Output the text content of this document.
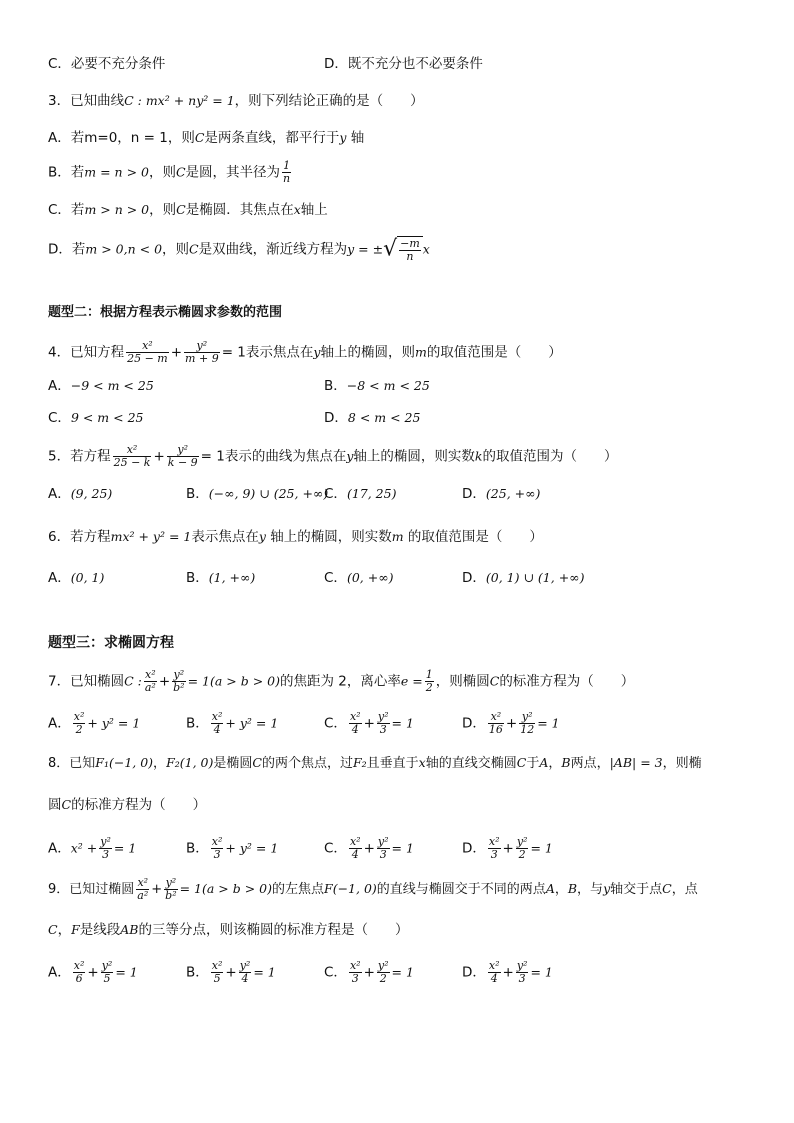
C．必要不充分条件	D．既不充分也不必要条件
3．已知曲线C : mx² + ny² = 1，则下列结论正确的是（　　）
A．若m=0，n = 1，则C是两条直线，都平行于y 轴
B．若m = n > 0，则C是圆，其半径为 $\frac{1}{n}$
C．若m > n > 0，则C是椭圆．其焦点在x轴上
D．若m > 0,n < 0，则C是双曲线，渐近线方程为y = ±√ $\frac{-m}{n}$ x
题型二：根据方程表示椭圆求参数的范围
4．已知方程 $\frac{\text{x²}}{25 - m} + \frac{\text{y²}}{m + 9} = 1$表示焦点在y轴上的椭圆，则m的取值范围是（　　）
A．−9 < m < 25	B．−8 < m < 25
C．9 < m < 25	D．8 < m < 25
5．若方程 $\frac{\text{x²}}{25 - k} + \frac{\text{y²}}{k - 9} = 1$表示的曲线为焦点在y轴上的椭圆，则实数k的取值范围为（　　）
A．(9, 25)	B．(−∞, 9) ∪ (25, +∞)
C．(17, 25)	D．(25, +∞)
6．若方程mx² + y² = 1表示焦点在y 轴上的椭圆，则实数m 的取值范围是（　　）
A．(0, 1)	B．(1, +∞)	C．(0, +∞)	D．(0, 1) ∪ (1, +∞)
题型三：求椭圆方程
7．已知椭圆C : $\frac{\text{x²}}{\text{a²}} + \frac{\text{y²}}{\text{b²}} = 1(a > b > 0)$的焦距为 2，离心率$e = \frac{1}{2}$ ，则椭圆C的标准方程为（　　）
A． $\frac{\text{x²}}{2} + y^2 = 1$	B． $\frac{\text{x²}}{4} + y^2 = 1$	C． $\frac{\text{x²}}{4} + \frac{\text{y²}}{3} = 1$	D． $\frac{\text{x²}}{16} + \frac{\text{y²}}{12} = 1$
8．已知F₁(−1, 0)，F₂(1, 0)是椭圆C的两个焦点，过F₂且垂直于x轴的直线交椭圆C于A，B两点，|AB| = 3，则椭
圆C的标准方程为（　　）
A．$x^2 + \frac{\text{y²}}{3} = 1$	B． $\frac{\text{x²}}{3} + y^2 = 1$	C． $\frac{\text{x²}}{4} + \frac{\text{y²}}{3} = 1$	D． $\frac{\text{x²}}{3} + \frac{\text{y²}}{2} = 1$
9．已知过椭圆 $\frac{\text{x²}}{\text{a²}} + \frac{\text{y²}}{\text{b²}} = 1(a > b > 0)$的左焦点F(−1, 0)的直线与椭圆交于不同的两点A，B，与y轴交于点C，点
C，F是线段AB的三等分点，则该椭圆的标准方程是（　　）
A． $\frac{\text{x²}}{6} + \frac{\text{y²}}{5} = 1$	B． $\frac{\text{x²}}{5} + \frac{\text{y²}}{4} = 1$	C． $\frac{\text{x²}}{3} + \frac{\text{y²}}{2} = 1$	D． $\frac{\text{x²}}{4} + \frac{\text{y²}}{3} = 1$
